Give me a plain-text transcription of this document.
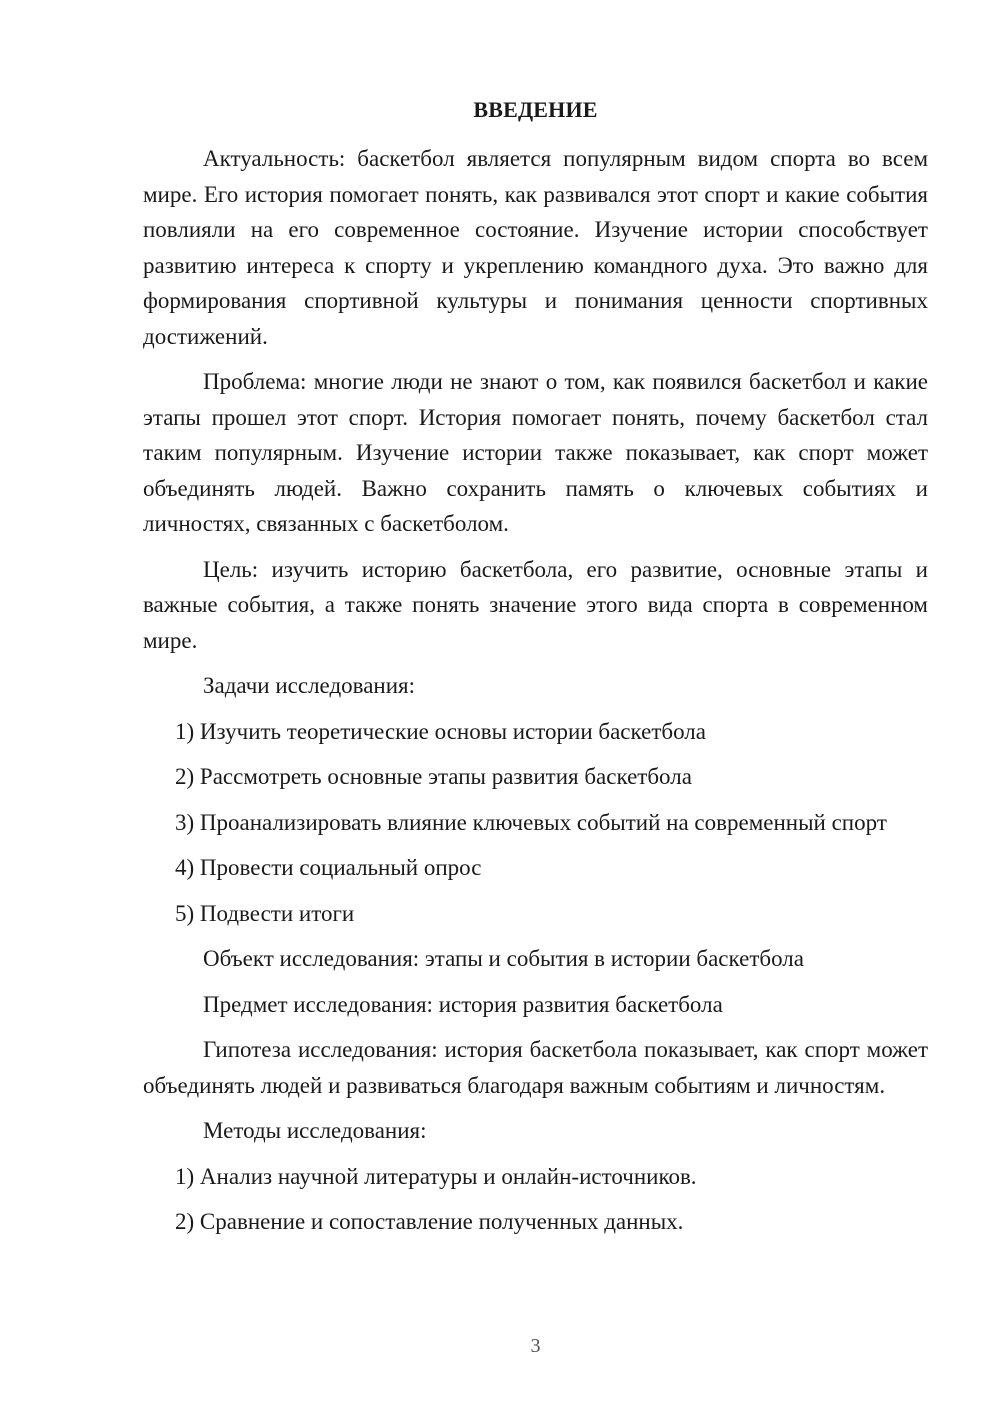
ВВЕДЕНИЕ

Актуальность: баскетбол является популярным видом спорта во всем мире. Его история помогает понять, как развивался этот спорт и какие события повлияли на его современное состояние. Изучение истории способствует развитию интереса к спорту и укреплению командного духа. Это важно для формирования спортивной культуры и понимания ценности спортивных достижений.

Проблема: многие люди не знают о том, как появился баскетбол и какие этапы прошел этот спорт. История помогает понять, почему баскетбол стал таким популярным. Изучение истории также показывает, как спорт может объединять людей. Важно сохранить память о ключевых событиях и личностях, связанных с баскетболом.

Цель: изучить историю баскетбола, его развитие, основные этапы и важные события, а также понять значение этого вида спорта в современном мире.

Задачи исследования:

1) Изучить теоретические основы истории баскетбола

2) Рассмотреть основные этапы развития баскетбола

3) Проанализировать влияние ключевых событий на современный спорт

4) Провести социальный опрос

5) Подвести итоги

Объект исследования: этапы и события в истории баскетбола

Предмет исследования: история развития баскетбола

Гипотеза исследования: история баскетбола показывает, как спорт может объединять людей и развиваться благодаря важным событиям и личностям.

Методы исследования:

1) Анализ научной литературы и онлайн-источников.

2) Сравнение и сопоставление полученных данных.

3
